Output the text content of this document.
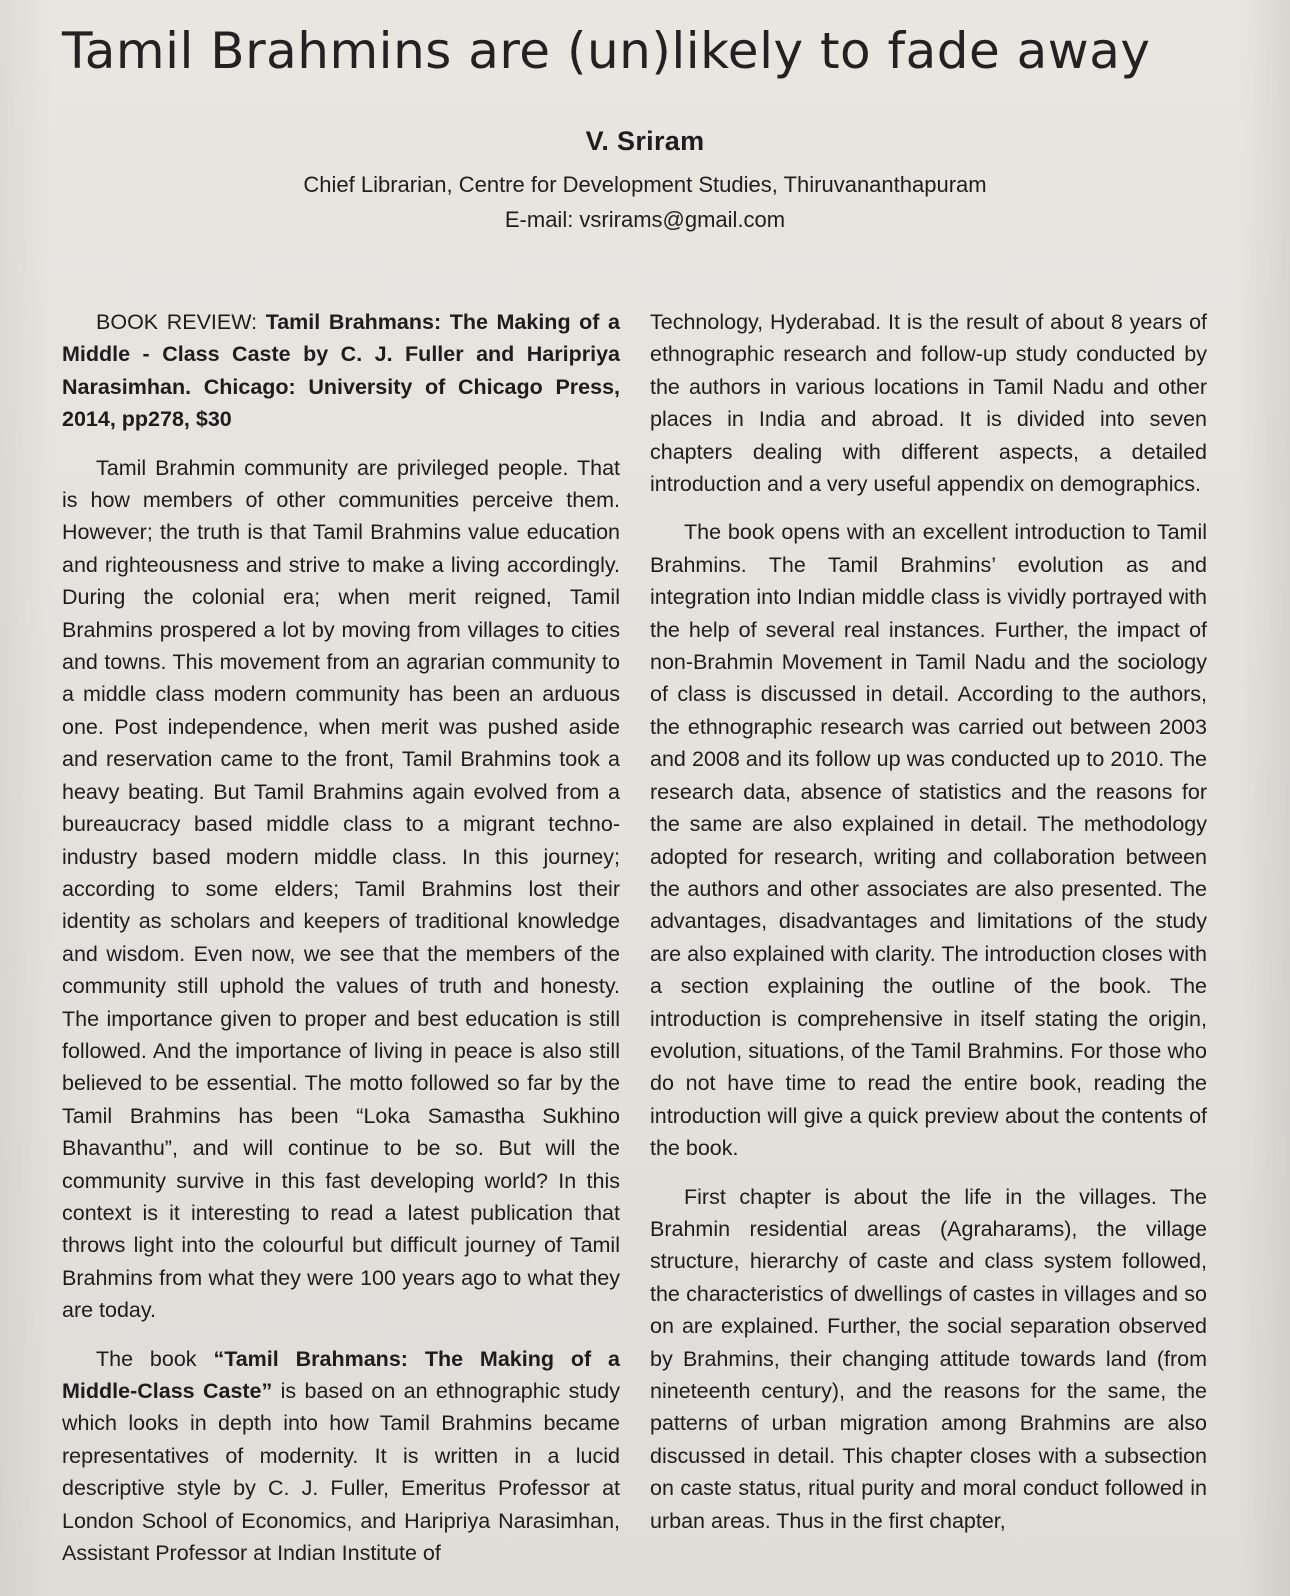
Tamil Brahmins are (un)likely to fade away

V. Sriram

Chief Librarian, Centre for Development Studies, Thiruvananthapuram

E-mail: vsrirams@gmail.com

BOOK REVIEW: Tamil Brahmans: The Making of a Middle - Class Caste by C. J. Fuller and Haripriya Narasimhan. Chicago: University of Chicago Press, 2014, pp278, $30

Tamil Brahmin community are privileged people. That is how members of other communities perceive them. However; the truth is that Tamil Brahmins value education and righteousness and strive to make a living accordingly. During the colonial era; when merit reigned, Tamil Brahmins prospered a lot by moving from villages to cities and towns. This movement from an agrarian community to a middle class modern community has been an arduous one. Post independence, when merit was pushed aside and reservation came to the front, Tamil Brahmins took a heavy beating. But Tamil Brahmins again evolved from a bureaucracy based middle class to a migrant techno-industry based modern middle class. In this journey; according to some elders; Tamil Brahmins lost their identity as scholars and keepers of traditional knowledge and wisdom. Even now, we see that the members of the community still uphold the values of truth and honesty. The importance given to proper and best education is still followed. And the importance of living in peace is also still believed to be essential. The motto followed so far by the Tamil Brahmins has been “Loka Samastha Sukhino Bhavanthu”, and will continue to be so. But will the community survive in this fast developing world? In this context is it interesting to read a latest publication that throws light into the colourful but difficult journey of Tamil Brahmins from what they were 100 years ago to what they are today.

The book “Tamil Brahmans: The Making of a Middle-Class Caste” is based on an ethnographic study which looks in depth into how Tamil Brahmins became representatives of modernity. It is written in a lucid descriptive style by C. J. Fuller, Emeritus Professor at London School of Economics, and Haripriya Narasimhan, Assistant Professor at Indian Institute of

Technology, Hyderabad. It is the result of about 8 years of ethnographic research and follow-up study conducted by the authors in various locations in Tamil Nadu and other places in India and abroad. It is divided into seven chapters dealing with different aspects, a detailed introduction and a very useful appendix on demographics.

The book opens with an excellent introduction to Tamil Brahmins. The Tamil Brahmins’ evolution as and integration into Indian middle class is vividly portrayed with the help of several real instances. Further, the impact of non-Brahmin Movement in Tamil Nadu and the sociology of class is discussed in detail. According to the authors, the ethnographic research was carried out between 2003 and 2008 and its follow up was conducted up to 2010. The research data, absence of statistics and the reasons for the same are also explained in detail. The methodology adopted for research, writing and collaboration between the authors and other associates are also presented. The advantages, disadvantages and limitations of the study are also explained with clarity. The introduction closes with a section explaining the outline of the book. The introduction is comprehensive in itself stating the origin, evolution, situations, of the Tamil Brahmins. For those who do not have time to read the entire book, reading the introduction will give a quick preview about the contents of the book.

First chapter is about the life in the villages. The Brahmin residential areas (Agraharams), the village structure, hierarchy of caste and class system followed, the characteristics of dwellings of castes in villages and so on are explained. Further, the social separation observed by Brahmins, their changing attitude towards land (from nineteenth century), and the reasons for the same, the patterns of urban migration among Brahmins are also discussed in detail. This chapter closes with a subsection on caste status, ritual purity and moral conduct followed in urban areas. Thus in the first chapter,
